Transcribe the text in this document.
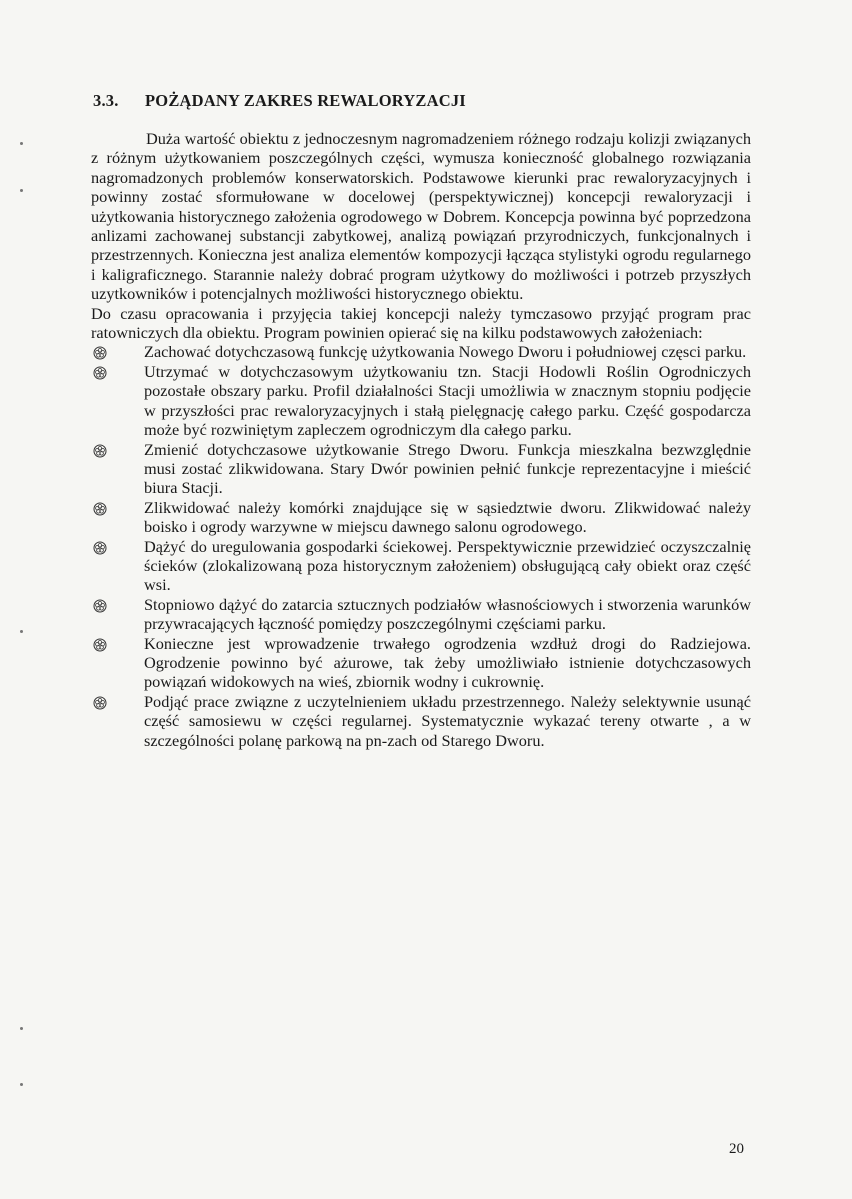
3.3. POŻĄDANY ZAKRES REWALORYZACJI

Duża wartość obiektu z jednoczesnym nagromadzeniem różnego rodzaju kolizji związanych z różnym użytkowaniem poszczególnych części, wymusza konieczność globalnego rozwiązania nagromadzonych problemów konserwatorskich. Podstawowe kierunki prac rewaloryzacyjnych i powinny zostać sformułowane w docelowej (perspektywicznej) koncepcji rewaloryzacji i użytkowania historycznego założenia ogrodowego w Dobrem. Koncepcja powinna być poprzedzona anlizami zachowanej substancji zabytkowej, analizą powiązań przyrodniczych, funkcjonalnych i przestrzennych. Konieczna jest analiza elementów kompozycji łącząca stylistyki ogrodu regularnego i kaligraficznego. Starannie należy dobrać program użytkowy do możliwości i potrzeb przyszłych uzytkowników i potencjalnych możliwości historycznego obiektu.

Do czasu opracowania i przyjęcia takiej koncepcji należy tymczasowo przyjąć program prac ratowniczych dla obiektu. Program powinien opierać się na kilku podstawowych założeniach:

Zachować dotychczasową funkcję użytkowania Nowego Dworu i południowej częsci parku.
Utrzymać w dotychczasowym użytkowaniu tzn. Stacji Hodowli Roślin Ogrodniczych pozostałe obszary parku. Profil działalności Stacji umożliwia w znacznym stopniu podjęcie w przyszłości prac rewaloryzacyjnych i stałą pielęgnację całego parku. Część gospodarcza może być rozwiniętym zapleczem ogrodniczym dla całego parku.
Zmienić dotychczasowe użytkowanie Strego Dworu. Funkcja mieszkalna bezwzględnie musi zostać zlikwidowana. Stary Dwór powinien pełnić funkcje reprezentacyjne i mieścić biura Stacji.
Zlikwidować należy komórki znajdujące się w sąsiedztwie dworu. Zlikwidować należy boisko i ogrody warzywne w miejscu dawnego salonu ogrodowego.
Dążyć do uregulowania gospodarki ściekowej. Perspektywicznie przewidzieć oczyszczalnię ścieków (zlokalizowaną poza historycznym założeniem) obsługującą cały obiekt oraz część wsi.
Stopniowo dążyć do zatarcia sztucznych podziałów własnościowych i stworzenia warunków przywracających łączność pomiędzy poszczególnymi częściami parku.
Konieczne jest wprowadzenie trwałego ogrodzenia wzdłuż drogi do Radziejowa. Ogrodzenie powinno być ażurowe, tak żeby umożliwiało istnienie dotychczasowych powiązań widokowych na wieś, zbiornik wodny i cukrownię.
Podjąć prace związne z uczytelnieniem układu przestrzennego. Należy selektywnie usunąć część samosiewu w części regularnej. Systematycznie wykazać tereny otwarte , a w szczególności polanę parkową na pn-zach od Starego Dworu.
20
